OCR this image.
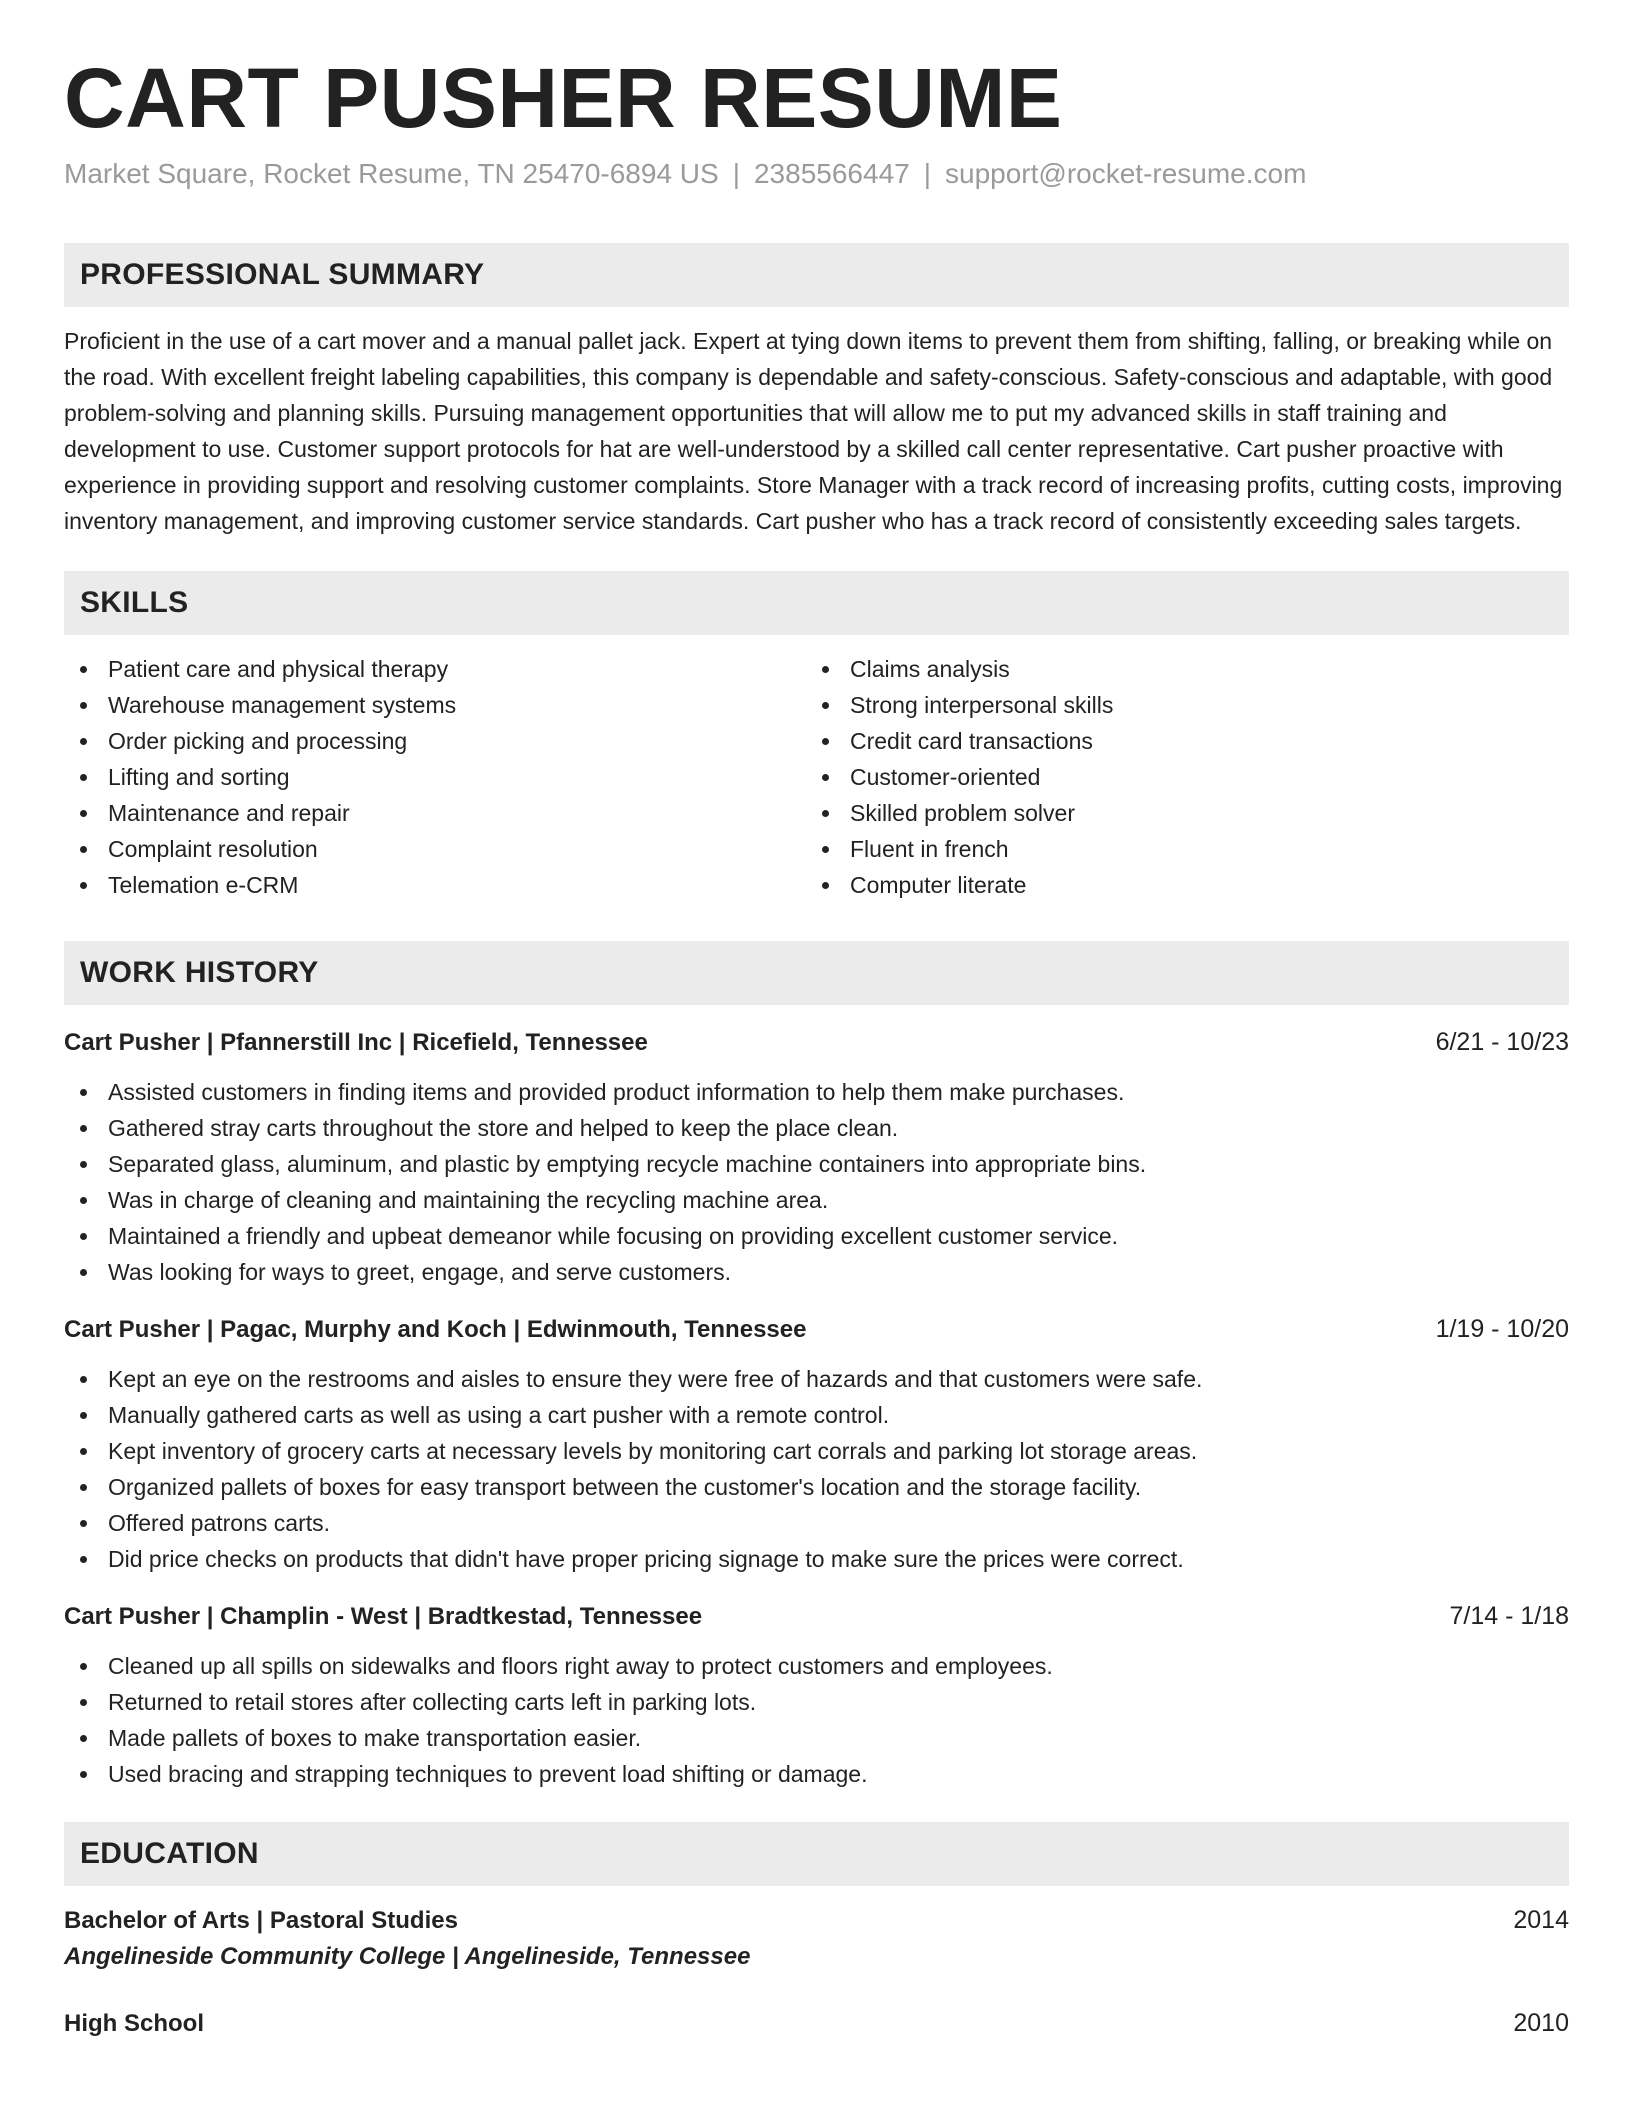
CART PUSHER RESUME
Market Square, Rocket Resume, TN 25470-6894 US | 2385566447 | support@rocket-resume.com
PROFESSIONAL SUMMARY

Proficient in the use of a cart mover and a manual pallet jack. Expert at tying down items to prevent them from shifting, falling, or breaking while on the road. With excellent freight labeling capabilities, this company is dependable and safety-conscious. Safety-conscious and adaptable, with good problem-solving and planning skills. Pursuing management opportunities that will allow me to put my advanced skills in staff training and development to use. Customer support protocols for hat are well-understood by a skilled call center representative. Cart pusher proactive with experience in providing support and resolving customer complaints. Store Manager with a track record of increasing profits, cutting costs, improving inventory management, and improving customer service standards. Cart pusher who has a track record of consistently exceeding sales targets.

SKILLS
Patient care and physical therapy
Warehouse management systems
Order picking and processing
Lifting and sorting
Maintenance and repair
Complaint resolution
Telemation e-CRM
Claims analysis
Strong interpersonal skills
Credit card transactions
Customer-oriented
Skilled problem solver
Fluent in french
Computer literate
WORK HISTORY
Cart Pusher | Pfannerstill Inc | Ricefield, Tennessee	6/21 - 10/23
Assisted customers in finding items and provided product information to help them make purchases.
Gathered stray carts throughout the store and helped to keep the place clean.
Separated glass, aluminum, and plastic by emptying recycle machine containers into appropriate bins.
Was in charge of cleaning and maintaining the recycling machine area.
Maintained a friendly and upbeat demeanor while focusing on providing excellent customer service.
Was looking for ways to greet, engage, and serve customers.
Cart Pusher | Pagac, Murphy and Koch | Edwinmouth, Tennessee	1/19 - 10/20
Kept an eye on the restrooms and aisles to ensure they were free of hazards and that customers were safe.
Manually gathered carts as well as using a cart pusher with a remote control.
Kept inventory of grocery carts at necessary levels by monitoring cart corrals and parking lot storage areas.
Organized pallets of boxes for easy transport between the customer's location and the storage facility.
Offered patrons carts.
Did price checks on products that didn't have proper pricing signage to make sure the prices were correct.
Cart Pusher | Champlin - West | Bradtkestad, Tennessee	7/14 - 1/18
Cleaned up all spills on sidewalks and floors right away to protect customers and employees.
Returned to retail stores after collecting carts left in parking lots.
Made pallets of boxes to make transportation easier.
Used bracing and strapping techniques to prevent load shifting or damage.
EDUCATION
Bachelor of Arts | Pastoral Studies	2014
Angelineside Community College | Angelineside, Tennessee
High School	2010
